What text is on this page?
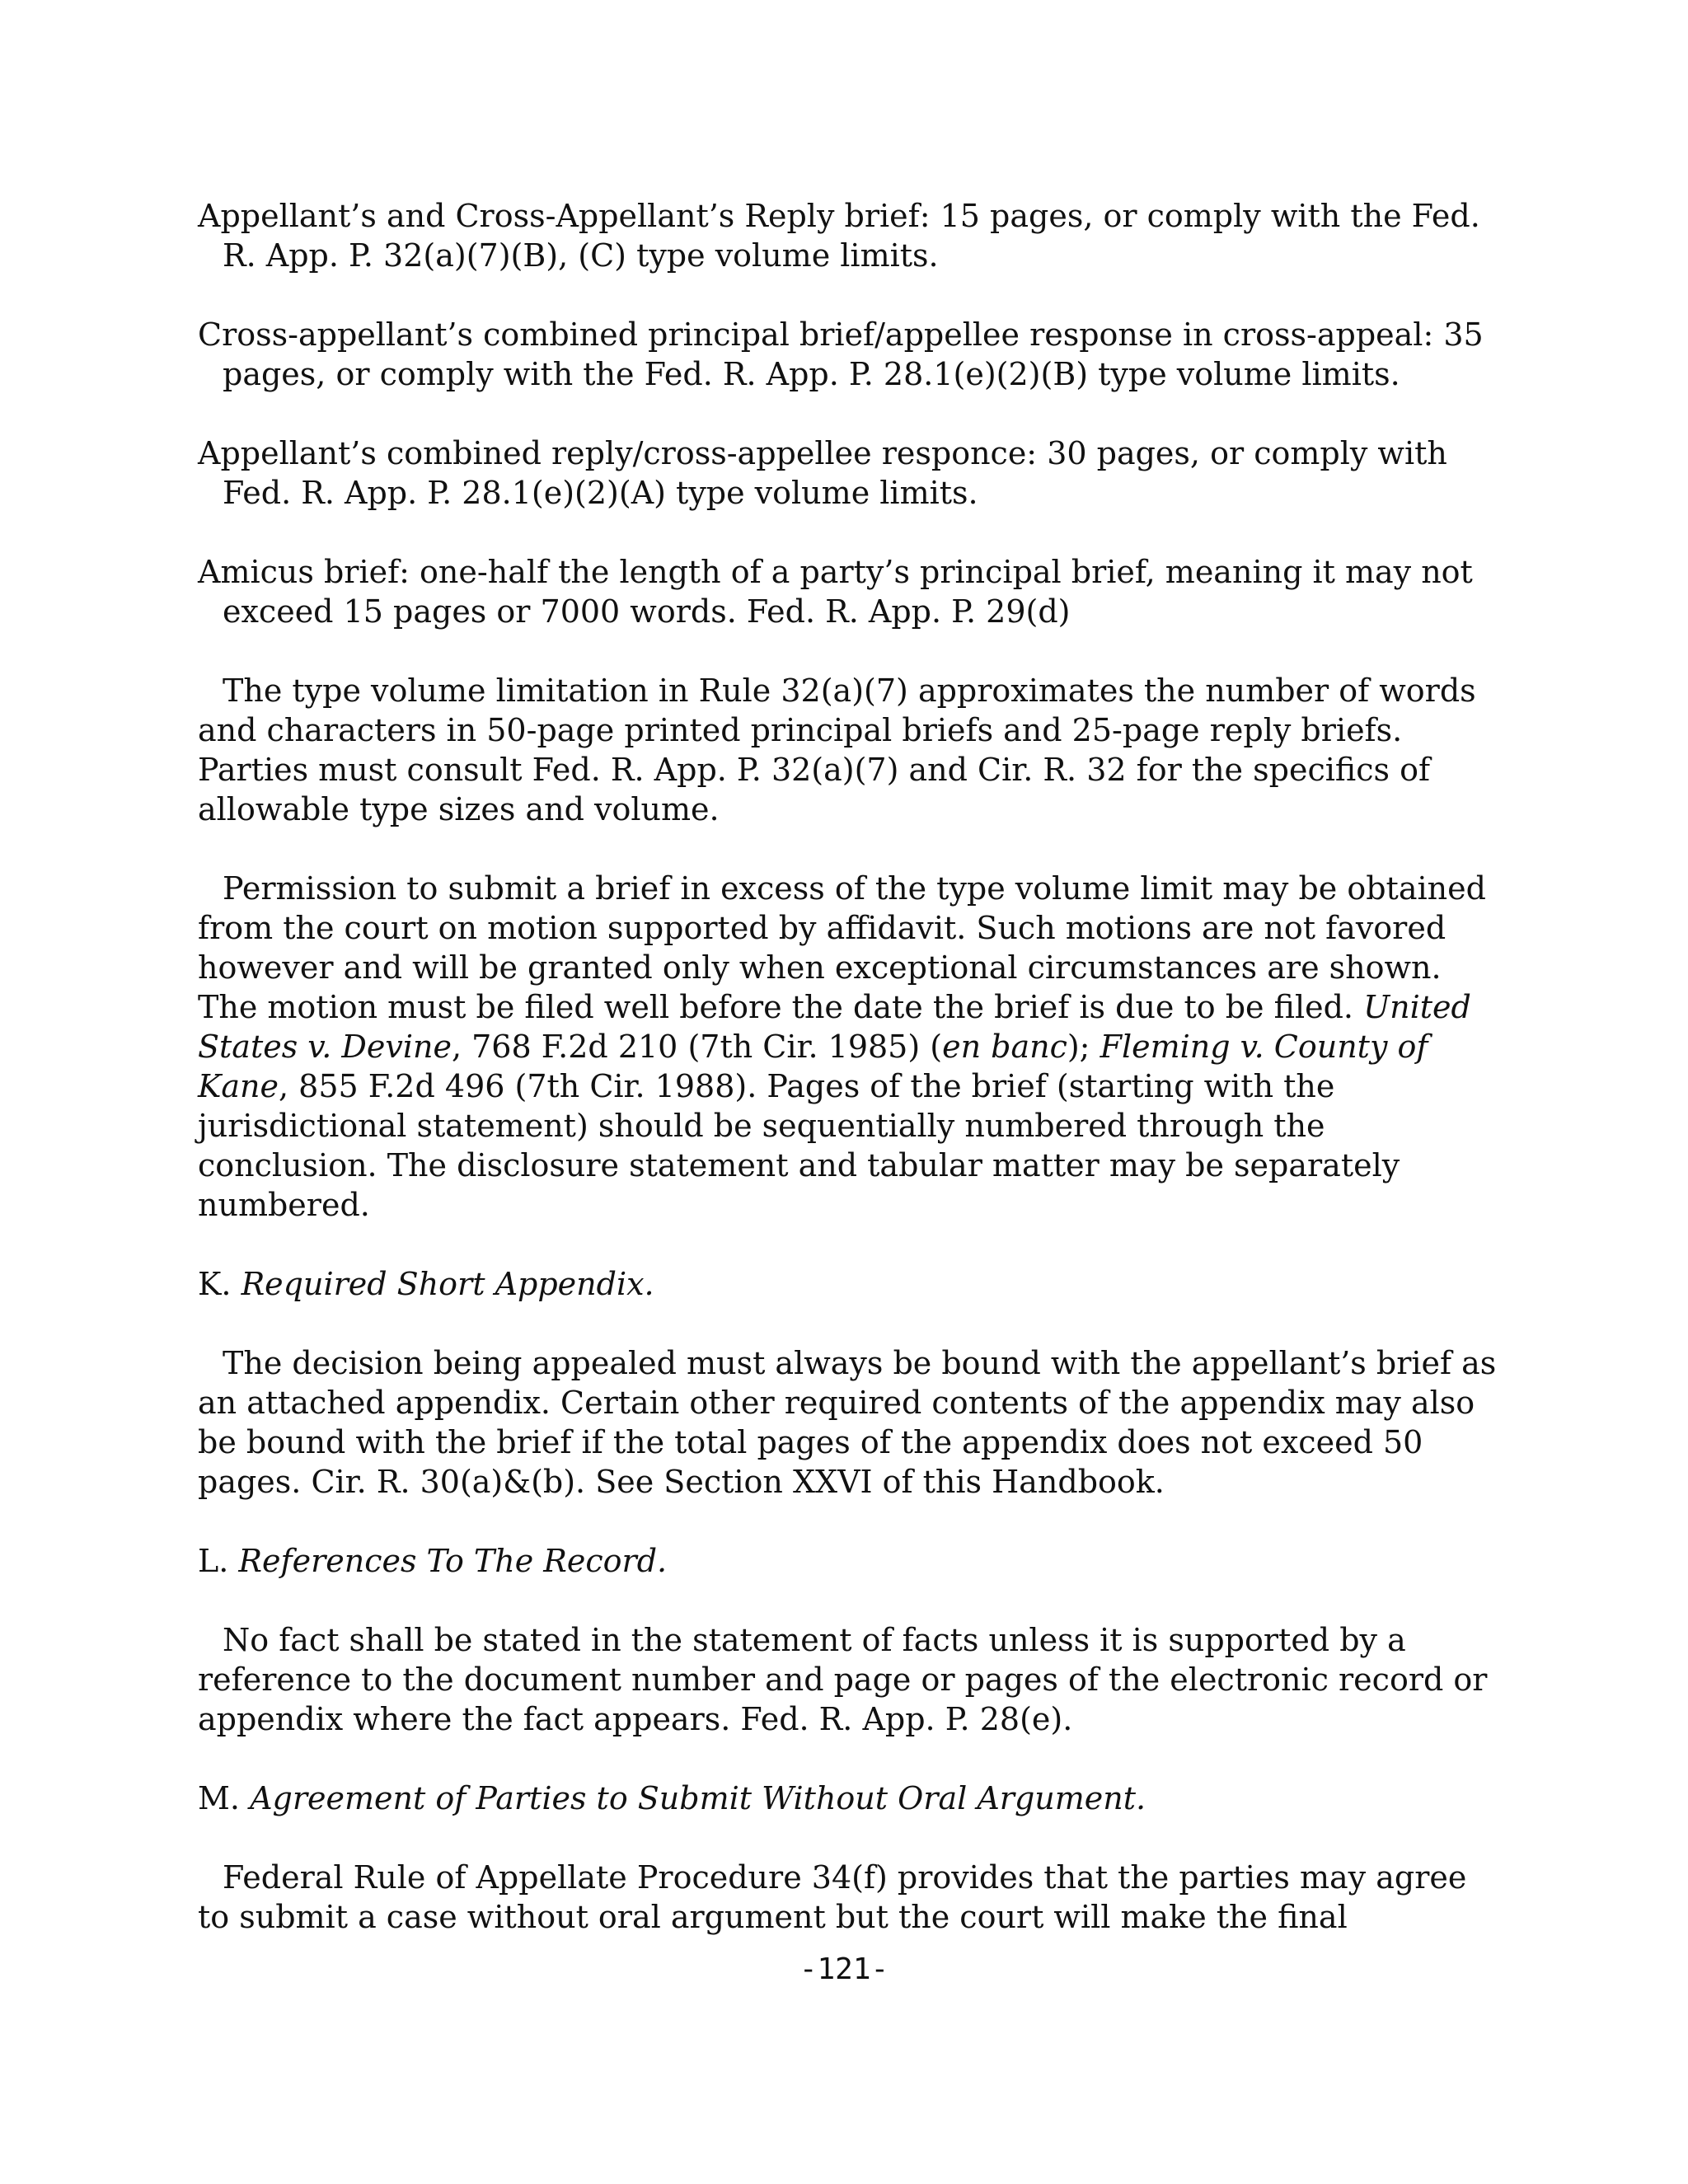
Appellant’s and Cross-Appellant’s Reply brief: 15 pages, or comply with the Fed. R. App. P. 32(a)(7)(B), (C) type volume limits.

Cross-appellant’s combined principal brief/appellee response in cross-appeal: 35 pages, or comply with the Fed. R. App. P. 28.1(e)(2)(B) type volume limits.

Appellant’s combined reply/cross-appellee responce: 30 pages, or comply with Fed. R. App. P. 28.1(e)(2)(A) type volume limits.

Amicus brief: one-half the length of a party’s principal brief, meaning it may not exceed 15 pages or 7000 words. Fed. R. App. P. 29(d)

The type volume limitation in Rule 32(a)(7) approximates the number of words and characters in 50-page printed principal briefs and 25-page reply briefs. Parties must consult Fed. R. App. P. 32(a)(7) and Cir. R. 32 for the specifics of allowable type sizes and volume.

Permission to submit a brief in excess of the type volume limit may be obtained from the court on motion supported by affidavit. Such motions are not favored however and will be granted only when exceptional circumstances are shown. The motion must be filed well before the date the brief is due to be filed. United States v. Devine, 768 F.2d 210 (7th Cir. 1985) (en banc); Fleming v. County of Kane, 855 F.2d 496 (7th Cir. 1988). Pages of the brief (starting with the jurisdictional statement) should be sequentially numbered through the conclusion. The disclosure statement and tabular matter may be separately numbered.

K. Required Short Appendix.

The decision being appealed must always be bound with the appellant’s brief as an attached appendix. Certain other required contents of the appendix may also be bound with the brief if the total pages of the appendix does not exceed 50 pages. Cir. R. 30(a)&(b). See Section XXVI of this Handbook.

L. References To The Record.

No fact shall be stated in the statement of facts unless it is supported by a reference to the document number and page or pages of the electronic record or appendix where the fact appears. Fed. R. App. P. 28(e).

M. Agreement of Parties to Submit Without Oral Argument.

Federal Rule of Appellate Procedure 34(f) provides that the parties may agree to submit a case without oral argument but the court will make the final

-121-
